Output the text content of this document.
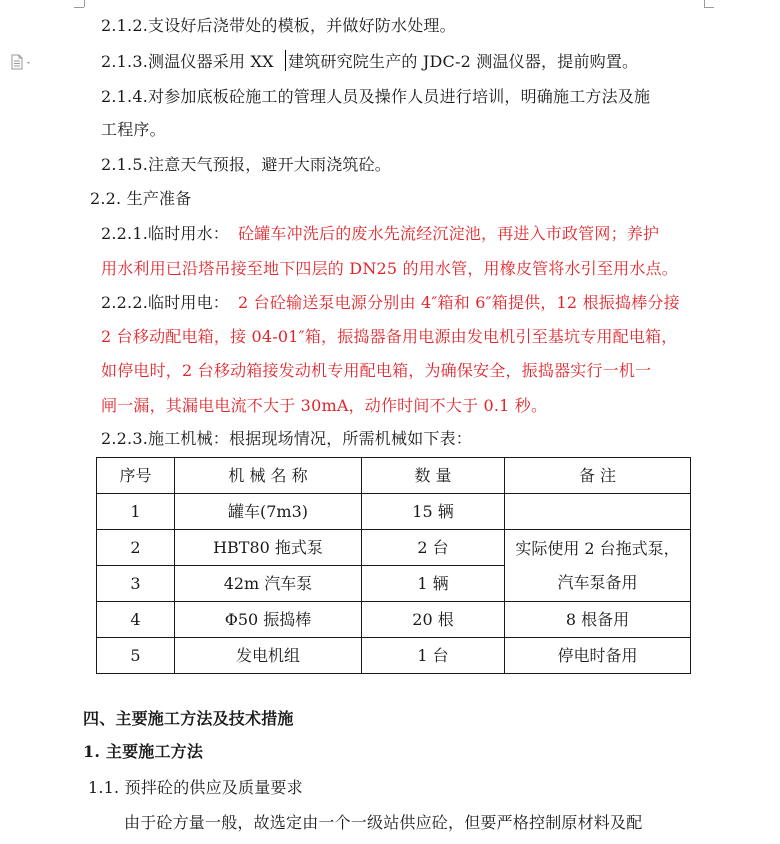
2.1.2.支设好后浇带处的模板，并做好防水处理。
2.1.3.测温仪器采用 XX 建筑研究院生产的 JDC-2 测温仪器，提前购置。
2.1.4.对参加底板砼施工的管理人员及操作人员进行培训，明确施工方法及施
工程序。
2.1.5.注意天气预报，避开大雨浇筑砼。
2.2. 生产准备
2.2.1.临时用水： 砼罐车冲洗后的废水先流经沉淀池，再进入市政管网；养护
用水利用已沿塔吊接至地下四层的 DN25 的用水管，用橡皮管将水引至用水点。
2.2.2.临时用电： 2 台砼输送泵电源分别由 4″箱和 6″箱提供，12 根振捣棒分接
2 台移动配电箱，接 04-01″箱，振捣器备用电源由发电机引至基坑专用配电箱，
如停电时，2 台移动箱接发动机专用配电箱，为确保安全，振捣器实行一机一
闸一漏，其漏电电流不大于 30mA，动作时间不大于 0.1 秒。
2.2.3.施工机械：根据现场情况，所需机械如下表：
序号	机 械 名 称	数 量	备 注
1	罐车(7m3)	15 辆	
2	HBT80 拖式泵	2 台	实际使用 2 台拖式泵，
汽车泵备用
3	42m 汽车泵	1 辆	
4	Φ50 振捣棒	20 根	8 根备用
5	发电机组	1 台	停电时备用
四、主要施工方法及技术措施
1. 主要施工方法
1.1. 预拌砼的供应及质量要求
由于砼方量一般，故选定由一个一级站供应砼，但要严格控制原材料及配
